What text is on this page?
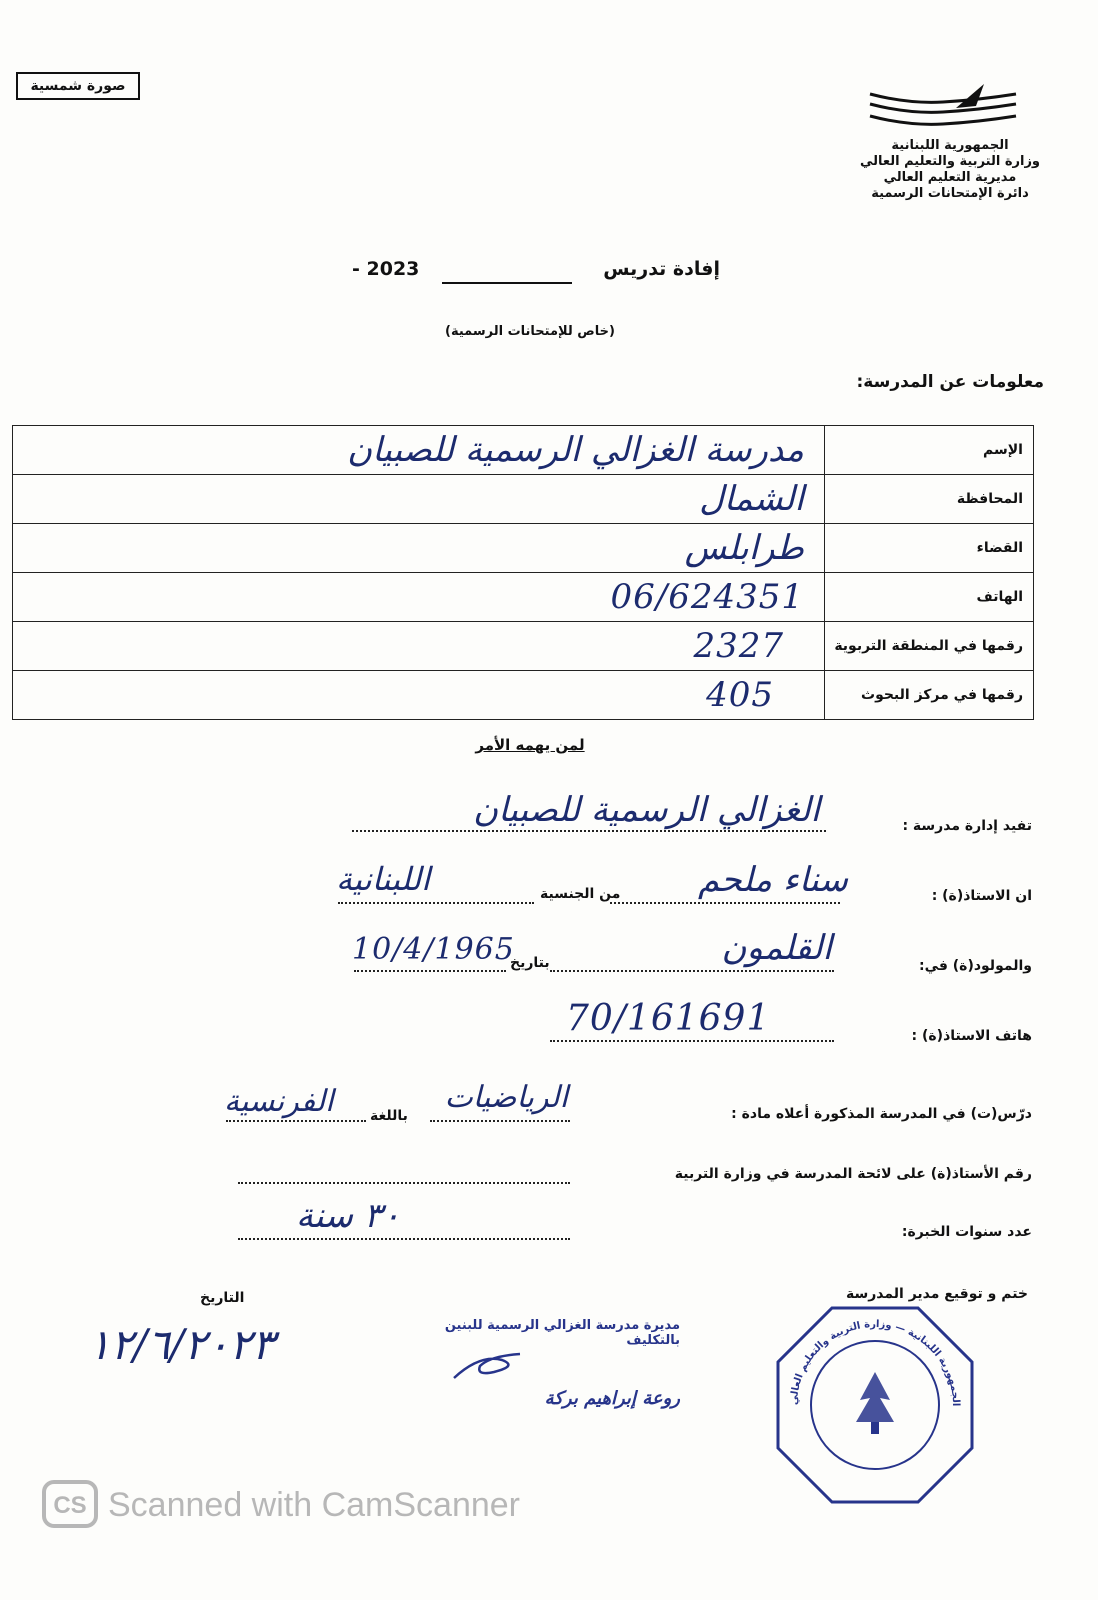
صورة شمسية
الجمهورية اللبنانية
وزارة التربية والتعليم العالي
مديرية التعليم العالي
دائرة الإمتحانات الرسمية
إفادة تدريس
- 2023
(خاص للإمتحانات الرسمية)
معلومات عن المدرسة:
مدرسة الغزالي الرسمية للصبيان	الإسم

الشمال	المحافظة

طرابلس	القضاء

06/624351	الهاتف

2327	رقمها في المنطقة التربوية

405	رقمها في مركز البحوث
لمن يهمه الأمر
تفيد إدارة مدرسة :
الغزالي الرسمية للصبيان
ان الاستاذ(ة) :
سناء ملحم
من الجنسية
اللبنانية
والمولود(ة) في:
القلمون
بتاريخ
10/4/1965
هاتف الاستاذ(ة) :
70/161691
درّس(ت) في المدرسة المذكورة أعلاه مادة :
الرياضيات
باللغة
الفرنسية
رقم الأستاذ(ة) على لائحة المدرسة في وزارة التربية
عدد سنوات الخبرة:
٣٠ سنة
ختم و توقيع مدير المدرسة
التاريخ
١٢/٦/٢٠٢٣	مديرة مدرسة الغزالي الرسمية للبنين
بالتكليف
روعة إبراهيم بركة	الجمهورية اللبنانية — وزارة التربية والتعليم العالي
CS Scanned with CamScanner
